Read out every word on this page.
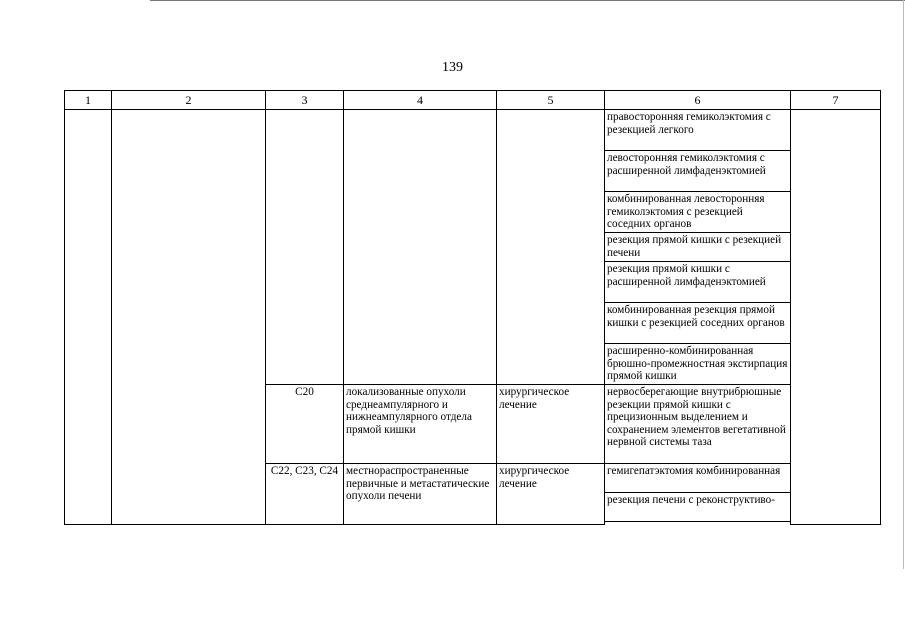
139
1	2	3	4	5	6	7
					правосторонняя гемиколэктомия с резекцией легкого	
					левосторонняя гемиколэктомия с расширенной лимфаденэктомией	
					комбинированная левосторонняя гемиколэктомия с резекцией соседних органов	
					резекция прямой кишки с резекцией печени	
					резекция прямой кишки с расширенной лимфаденэктомией	
					комбинированная резекция прямой кишки с резекцией соседних органов	
					расширенно-комбинированная брюшно-промежностная экстирпация прямой кишки	
		С20	локализованные опухоли среднеампулярного и нижнеампулярного отдела прямой кишки	хирургическое лечение	нервосберегающие внутрибрюшные резекции прямой кишки с прецизионным выделением и сохранением элементов вегетативной нервной системы таза	
		С22, С23, С24	местнораспространенные первичные и метастатические опухоли печени	хирургическое лечение	гемигепатэктомия комбинированная	
					резекция печени с реконструктиво-	
